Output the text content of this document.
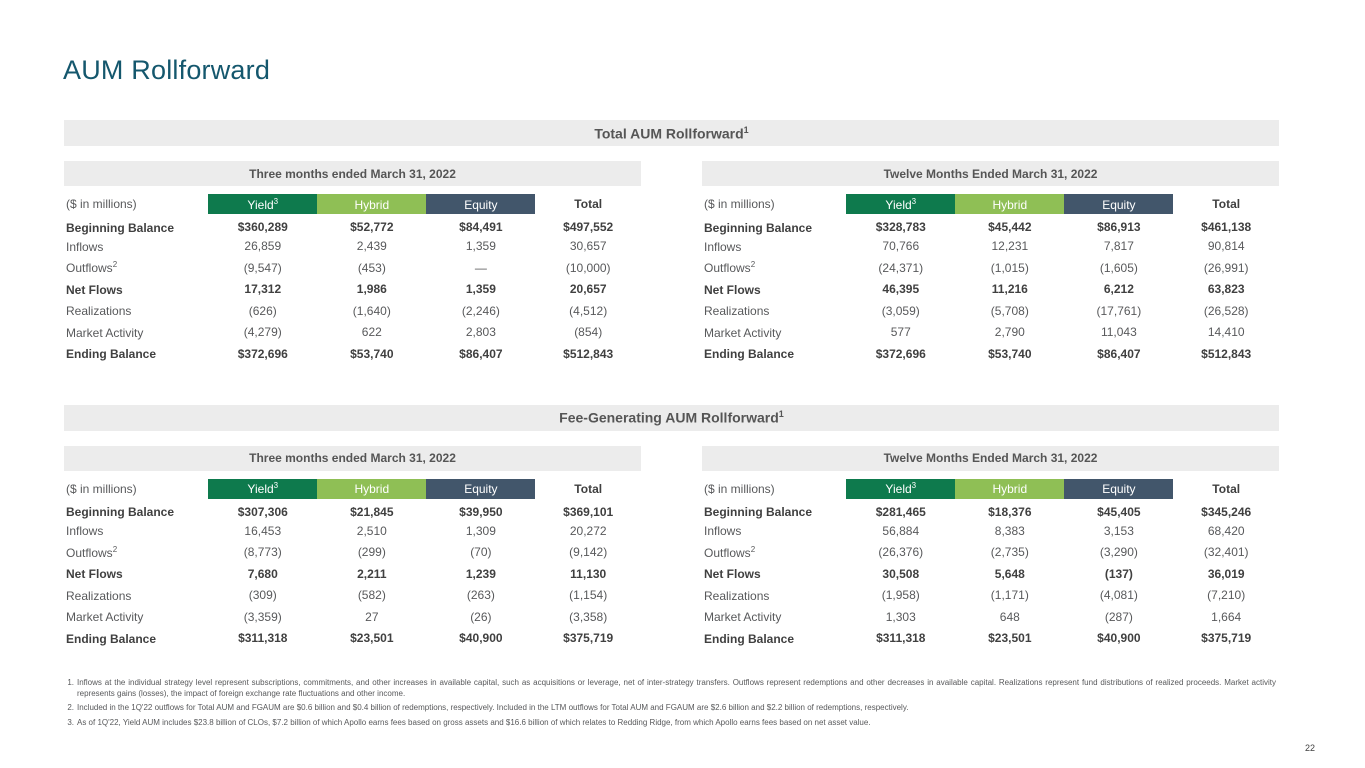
AUM Rollforward
Total AUM Rollforward$^1$
Three months ended March 31, 2022
($ in millions)	Yield$^3$	Hybrid	Equity	Total
Beginning Balance	$360,289	$52,772	$84,491	$497,552
Inflows	26,859	2,439	1,359	30,657
Outflows$^2$	(9,547)	(453)	—	(10,000)
Net Flows	17,312	1,986	1,359	20,657
Realizations	(626)	(1,640)	(2,246)	(4,512)
Market Activity	(4,279)	622	2,803	(854)
Ending Balance	$372,696	$53,740	$86,407	$512,843
Twelve Months Ended March 31, 2022
($ in millions)	Yield$^3$	Hybrid	Equity	Total
Beginning Balance	$328,783	$45,442	$86,913	$461,138
Inflows	70,766	12,231	7,817	90,814
Outflows$^2$	(24,371)	(1,015)	(1,605)	(26,991)
Net Flows	46,395	11,216	6,212	63,823
Realizations	(3,059)	(5,708)	(17,761)	(26,528)
Market Activity	577	2,790	11,043	14,410
Ending Balance	$372,696	$53,740	$86,407	$512,843
Fee-Generating AUM Rollforward$^1$
Three months ended March 31, 2022
($ in millions)	Yield$^3$	Hybrid	Equity	Total
Beginning Balance	$307,306	$21,845	$39,950	$369,101
Inflows	16,453	2,510	1,309	20,272
Outflows$^2$	(8,773)	(299)	(70)	(9,142)
Net Flows	7,680	2,211	1,239	11,130
Realizations	(309)	(582)	(263)	(1,154)
Market Activity	(3,359)	27	(26)	(3,358)
Ending Balance	$311,318	$23,501	$40,900	$375,719
Twelve Months Ended March 31, 2022
($ in millions)	Yield$^3$	Hybrid	Equity	Total
Beginning Balance	$281,465	$18,376	$45,405	$345,246
Inflows	56,884	8,383	3,153	68,420
Outflows$^2$	(26,376)	(2,735)	(3,290)	(32,401)
Net Flows	30,508	5,648	(137)	36,019
Realizations	(1,958)	(1,171)	(4,081)	(7,210)
Market Activity	1,303	648	(287)	1,664
Ending Balance	$311,318	$23,501	$40,900	$375,719
1. Inflows at the individual strategy level represent subscriptions, commitments, and other increases in available capital, such as acquisitions or leverage, net of inter-strategy transfers. Outflows represent redemptions and other decreases in available capital. Realizations represent fund distributions of realized proceeds. Market activity represents gains (losses), the impact of foreign exchange rate fluctuations and other income.
2. Included in the 1Q'22 outflows for Total AUM and FGAUM are $0.6 billion and $0.4 billion of redemptions, respectively. Included in the LTM outflows for Total AUM and FGAUM are $2.6 billion and $2.2 billion of redemptions, respectively.
3. As of 1Q'22, Yield AUM includes $23.8 billion of CLOs, $7.2 billion of which Apollo earns fees based on gross assets and $16.6 billion of which relates to Redding Ridge, from which Apollo earns fees based on net asset value.
22
